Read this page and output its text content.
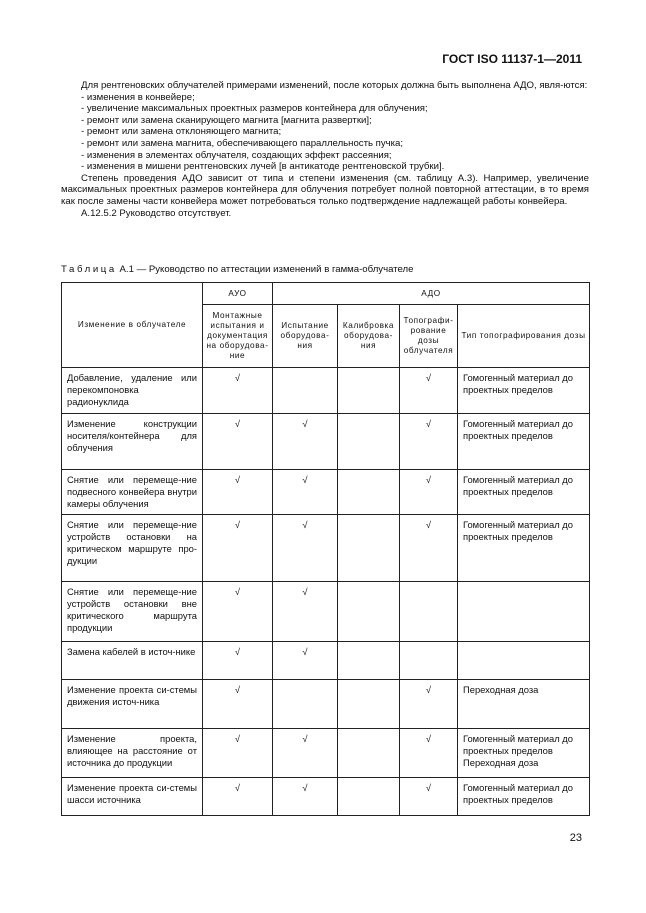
ГОСТ ISO 11137-1—2011

Для рентгеновских облучателей примерами изменений, после которых должна быть выполнена АДО, явля-ются:

- изменения в конвейере;
- увеличение максимальных проектных размеров контейнера для облучения;
- ремонт или замена сканирующего магнита [магнита развертки];
- ремонт или замена отклоняющего магнита;
- ремонт или замена магнита, обеспечивающего параллельность пучка;
- изменения в элементах облучателя, создающих эффект рассеяния;
- изменения в мишени рентгеновских лучей [в антикатоде рентгеновской трубки].

Степень проведения АДО зависит от типа и степени изменения (см. таблицу А.3). Например, увеличение максимальных проектных размеров контейнера для облучения потребует полной повторной аттестации, в то время как после замены части конвейера может потребоваться только подтверждение надлежащей работы конвейера.

А.12.5.2 Руководство отсутствует.

Таблица А.1 — Руководство по аттестации изменений в гамма-облучателе
Изменение в облучателе	АУО	АДО			
	Монтажные испытания и документация на оборудова-ние	Испытание оборудова-ния	Калибровка оборудова-ния	Топографи-рование дозы облучателя	Тип топографирования дозы
Добавление, удаление или перекомпоновка радионуклида	√			√	Гомогенный материал до проектных пределов

Изменение конструкции носителя/контейнера для облучения	√	√		√	Гомогенный материал до проектных пределов

Снятие или перемеще-ние подвесного конвейера внутри камеры облучения	√	√		√	Гомогенный материал до проектных пределов

Снятие или перемеще-ние устройств остановки на критическом маршруте про-дукции	√	√		√	Гомогенный материал до проектных пределов

Снятие или перемеще-ние устройств остановки вне критического маршрута продукции	√	√			
Замена кабелей в источ-нике	√	√			
Изменение проекта си-стемы движения источ-ника	√			√	Переходная доза

Изменение проекта, влияющее на расстояние от источника до продукции	√	√		√	Гомогенный материал до проектных пределов
Переходная доза

Изменение проекта си-стемы шасси источника	√	√		√	Гомогенный материал до проектных пределов
23
